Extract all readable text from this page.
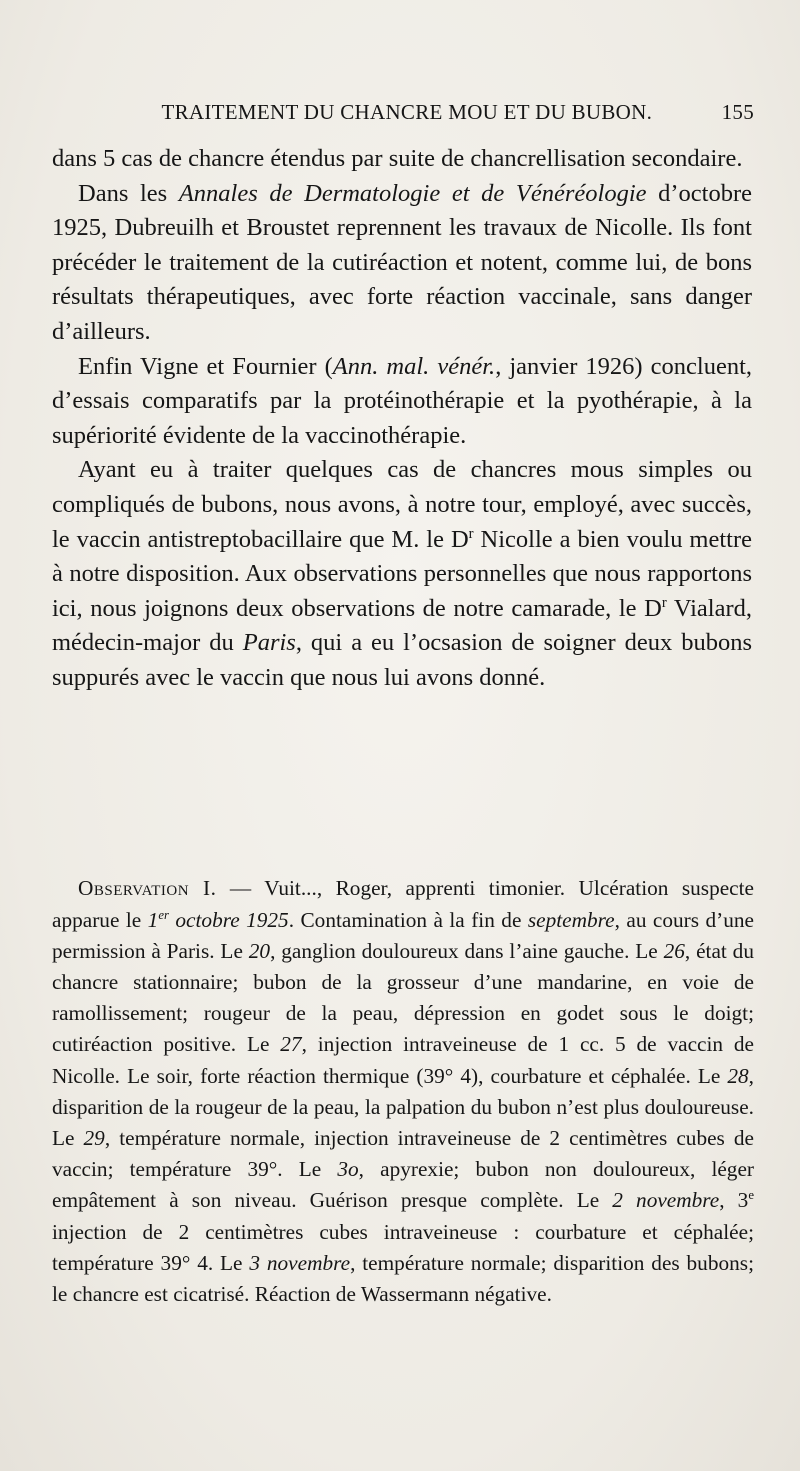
TRAITEMENT DU CHANCRE MOU ET DU BUBON.	155

dans 5 cas de chancre étendus par suite de chancrellisation secondaire.

Dans les Annales de Dermatologie et de Vénéréologie d’octobre 1925, Dubreuilh et Broustet reprennent les travaux de Nicolle. Ils font précéder le traitement de la cutiréaction et notent, comme lui, de bons résultats thérapeutiques, avec forte réaction vaccinale, sans danger d’ailleurs.

Enfin Vigne et Fournier (Ann. mal. vénér., janvier 1926) concluent, d’essais comparatifs par la protéinothérapie et la pyothérapie, à la supériorité évidente de la vaccinothérapie.

Ayant eu à traiter quelques cas de chancres mous simples ou compliqués de bubons, nous avons, à notre tour, employé, avec succès, le vaccin antistreptobacillaire que M. le $D^r$ Nicolle a bien voulu mettre à notre disposition. Aux observations personnelles que nous rapportons ici, nous joignons deux observations de notre camarade, le $D^r$ Vialard, médecin-major du Paris, qui a eu l’ocsasion de soigner deux bubons suppurés avec le vaccin que nous lui avons donné.

Observation I. — Vuit..., Roger, apprenti timonier. Ulcération suspecte apparue le 1er octobre 1925. Contamination à la fin de septembre, au cours d’une permission à Paris. Le 20, ganglion douloureux dans l’aine gauche. Le 26, état du chancre stationnaire; bubon de la grosseur d’une mandarine, en voie de ramollissement; rougeur de la peau, dépression en godet sous le doigt; cutiréaction positive. Le 27, injection intraveineuse de 1 cc. 5 de vaccin de Nicolle. Le soir, forte réaction thermique (39° 4), courbature et céphalée. Le 28, disparition de la rougeur de la peau, la palpation du bubon n’est plus douloureuse. Le 29, température normale, injection intraveineuse de 2 centimètres cubes de vaccin; température 39°. Le 3o, apyrexie; bubon non douloureux, léger empâtement à son niveau. Guérison presque complète. Le 2 novembre, 3e injection de 2 centimètres cubes intraveineuse : courbature et céphalée; température 39° 4. Le 3 novembre, température normale; disparition des bubons; le chancre est cicatrisé. Réaction de Wassermann négative.
